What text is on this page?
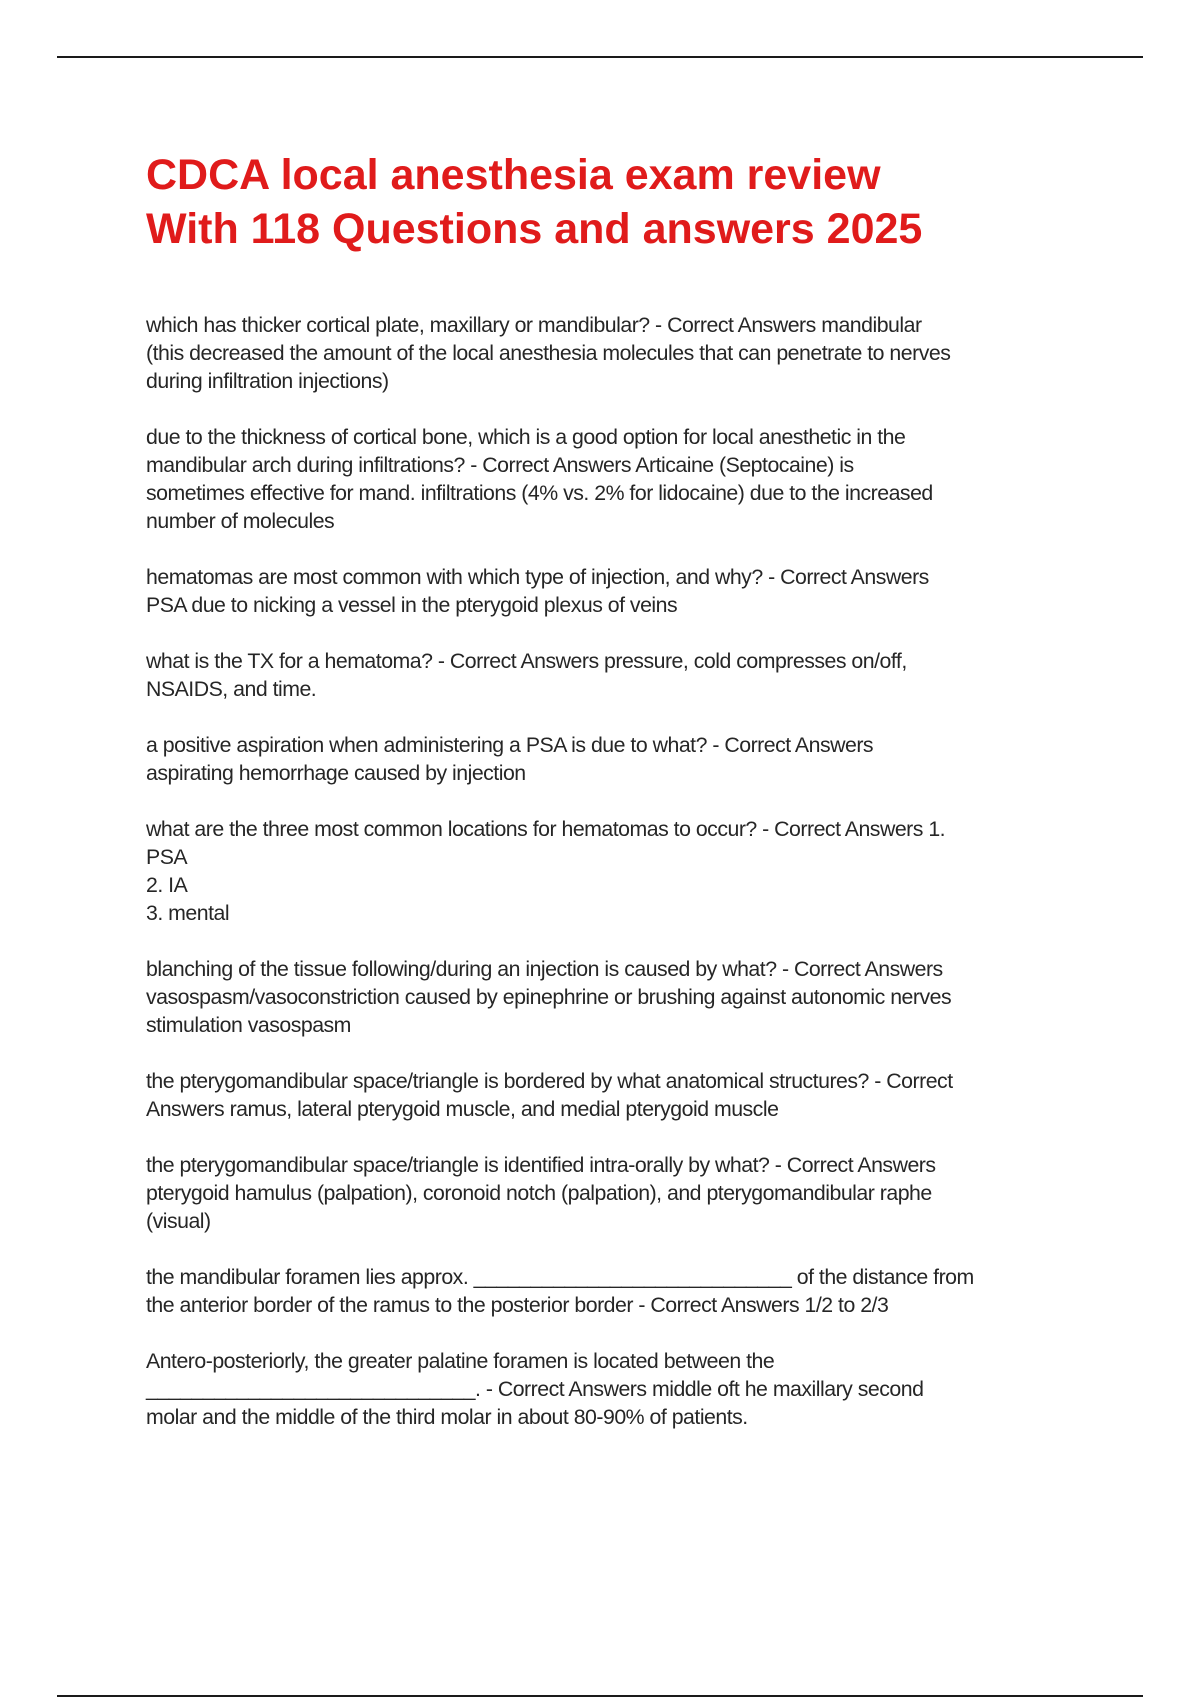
CDCA local anesthesia exam review
With 118 Questions and answers 2025

which has thicker cortical plate, maxillary or mandibular? - Correct Answers mandibular
(this decreased the amount of the local anesthesia molecules that can penetrate to nerves
during infiltration injections)

due to the thickness of cortical bone, which is a good option for local anesthetic in the
mandibular arch during infiltrations? - Correct Answers Articaine (Septocaine) is
sometimes effective for mand. infiltrations (4% vs. 2% for lidocaine) due to the increased
number of molecules

hematomas are most common with which type of injection, and why? - Correct Answers
PSA due to nicking a vessel in the pterygoid plexus of veins

what is the TX for a hematoma? - Correct Answers pressure, cold compresses on/off,
NSAIDS, and time.

a positive aspiration when administering a PSA is due to what? - Correct Answers
aspirating hemorrhage caused by injection

what are the three most common locations for hematomas to occur? - Correct Answers 1.
PSA
2. IA
3. mental

blanching of the tissue following/during an injection is caused by what? - Correct Answers
vasospasm/vasoconstriction caused by epinephrine or brushing against autonomic nerves
stimulation vasospasm

the pterygomandibular space/triangle is bordered by what anatomical structures? - Correct
Answers ramus, lateral pterygoid muscle, and medial pterygoid muscle

the pterygomandibular space/triangle is identified intra-orally by what? - Correct Answers
pterygoid hamulus (palpation), coronoid notch (palpation), and pterygomandibular raphe
(visual)

the mandibular foramen lies approx. ____________________________ of the distance from
the anterior border of the ramus to the posterior border - Correct Answers 1/2 to 2/3

Antero-posteriorly, the greater palatine foramen is located between the
_____________________________. - Correct Answers middle oft he maxillary second
molar and the middle of the third molar in about 80-90% of patients.
